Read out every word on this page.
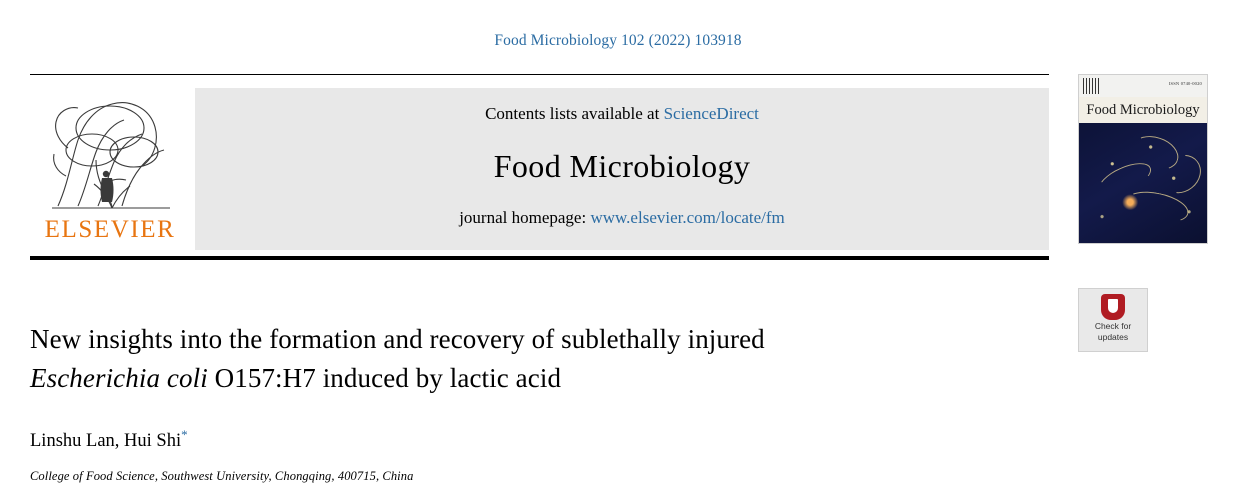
Food Microbiology 102 (2022) 103918
ELSEVIER
Contents lists available at ScienceDirect
Food Microbiology
journal homepage: www.elsevier.com/locate/fm
ISSN 0740-0020
Food Microbiology
Check for
updates
New insights into the formation and recovery of sublethally injured
Escherichia coli O157:H7 induced by lactic acid
Linshu Lan, Hui Shi*
College of Food Science, Southwest University, Chongqing, 400715, China
